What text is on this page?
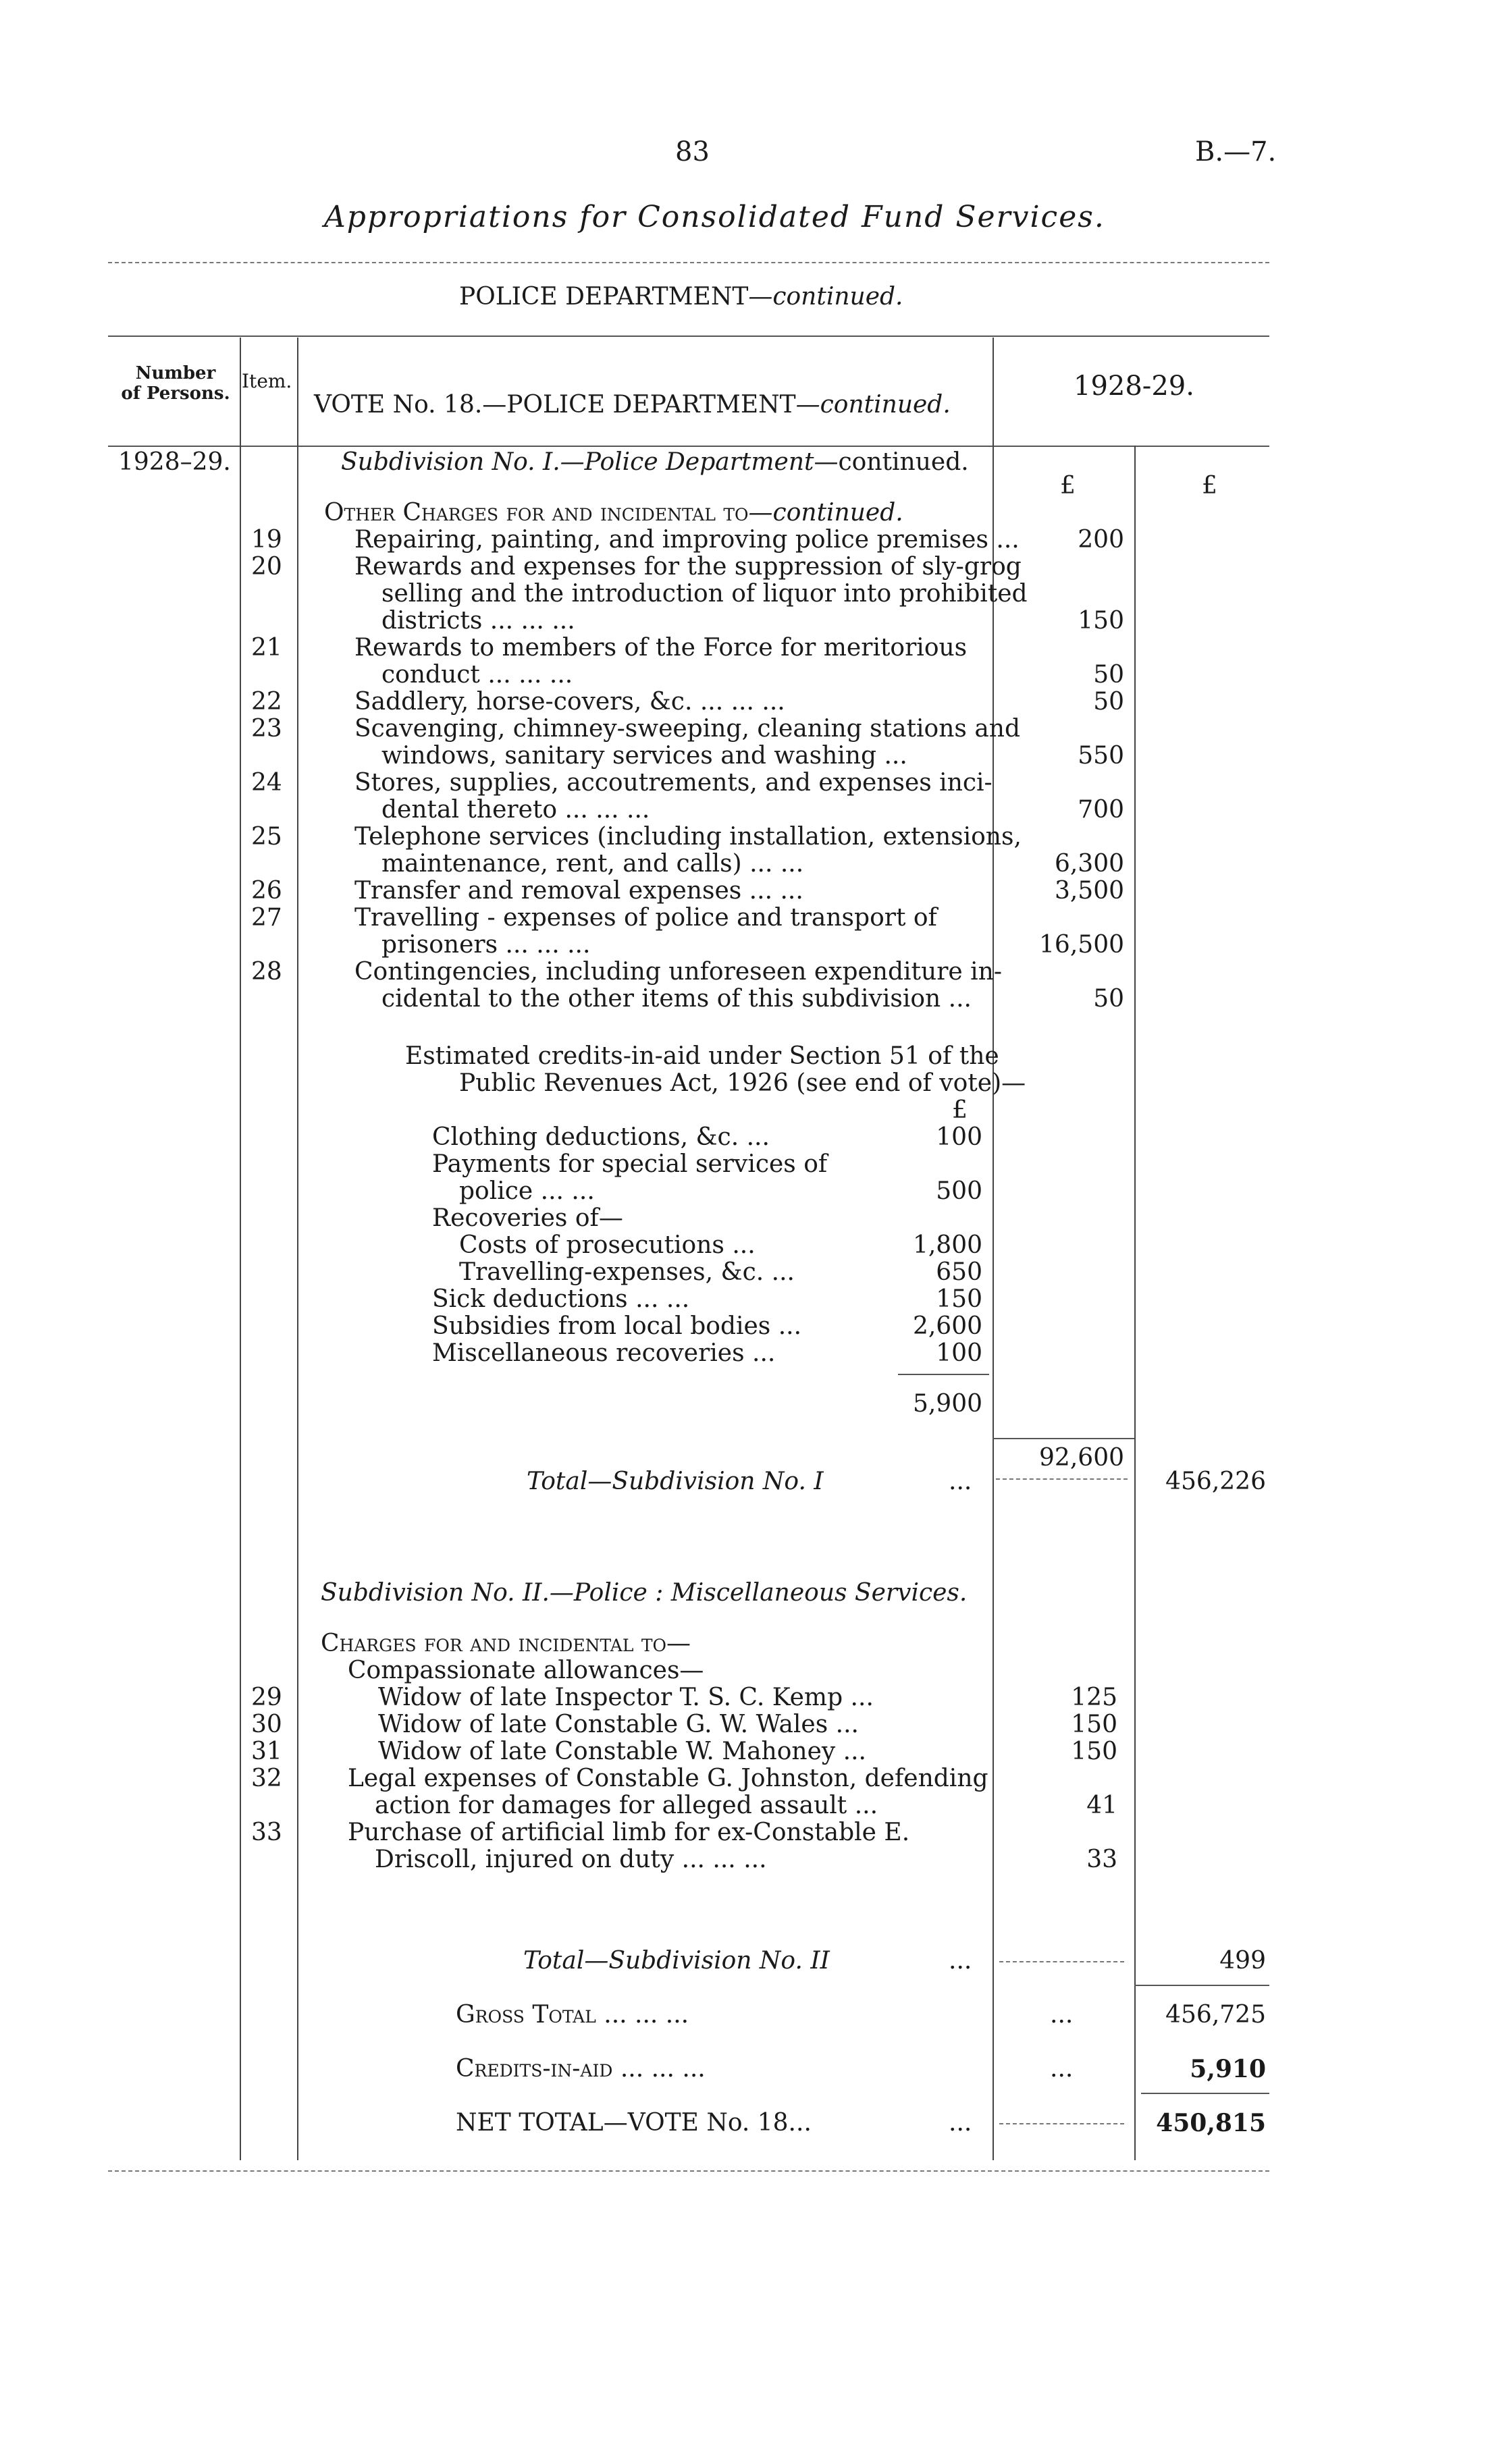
83	B.—7.
Appropriations for Consolidated Fund Services.
POLICE DEPARTMENT—continued.
Number
of Persons.
Item.
VOTE No. 18.—POLICE DEPARTMENT—continued.
1928-29.
1928–29.	Subdivision No. I.—Police Department—continued.
£	£
Other Charges for and incidental to—continued.
19	Repairing, painting, and improving police premises ...	200
20	Rewards and expenses for the suppression of sly-grog
selling and the introduction of liquor into prohibited
districts ... ... ...	150
21	Rewards to members of the Force for meritorious
conduct ... ... ...	50
22	Saddlery, horse-covers, &c. ... ... ...	50
23	Scavenging, chimney-sweeping, cleaning stations and
windows, sanitary services and washing ...	550
24	Stores, supplies, accoutrements, and expenses inci-
dental thereto ... ... ...	700
25	Telephone services (including installation, extensions,
maintenance, rent, and calls) ... ...	6,300
26	Transfer and removal expenses ... ...	3,500
27	Travelling - expenses of police and transport of
prisoners ... ... ...	16,500
28	Contingencies, including unforeseen expenditure in-
cidental to the other items of this subdivision ...	50
Estimated credits-in-aid under Section 51 of the
Public Revenues Act, 1926 (see end of vote)—
£
Clothing deductions, &c. ...	100
Payments for special services of
police ... ...	500
Recoveries of—
Costs of prosecutions ...	1,800
Travelling-expenses, &c. ...	650
Sick deductions ... ...	150
Subsidies from local bodies ...	2,600
Miscellaneous recoveries ...	100
5,900
92,600
Total—Subdivision No. I	...	456,226
Subdivision No. II.—Police : Miscellaneous Services.
Charges for and incidental to—
Compassionate allowances—
29	Widow of late Inspector T. S. C. Kemp ...	125
30	Widow of late Constable G. W. Wales ...	150
31	Widow of late Constable W. Mahoney ...	150
32	Legal expenses of Constable G. Johnston, defending
action for damages for alleged assault ...	41
33	Purchase of artificial limb for ex-Constable E.
Driscoll, injured on duty ... ... ...	33
Total—Subdivision No. II	...	499
Gross Total ... ... ...	...	456,725
Credits-in-aid ... ... ...	...	5,910
NET TOTAL—VOTE No. 18...	...	450,815
